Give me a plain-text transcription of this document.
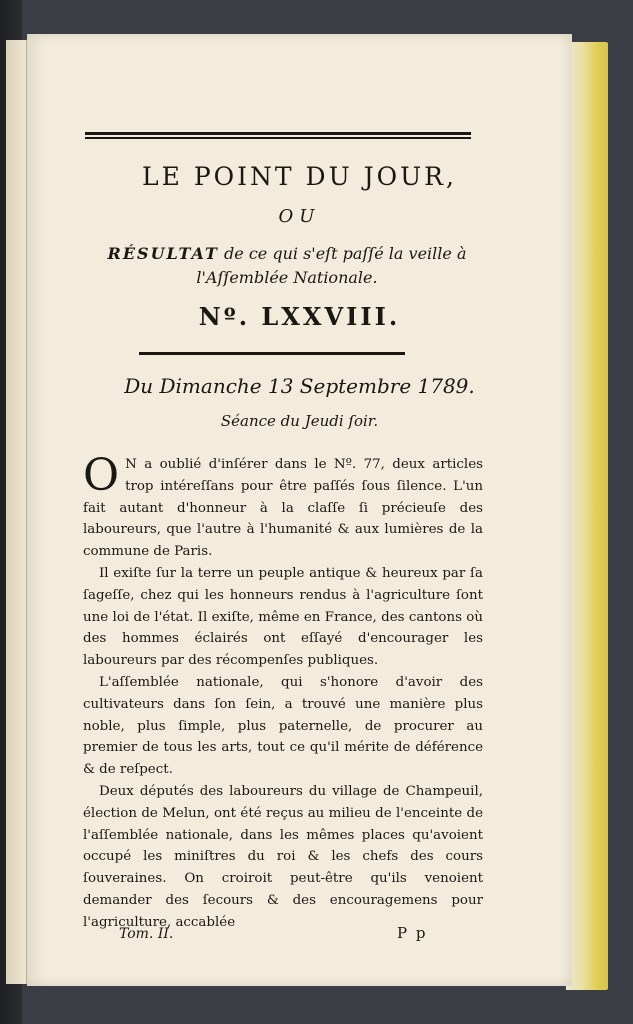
LE POINT DU JOUR,
OU
RÉSULTAT de ce qui s'eſt paſſé la veille à l'Aſſemblée Nationale.
Nº. LXXVIII.
Du Dimanche 13 Septembre 1789.
Séance du Jeudi ſoir.

O N a oublié d'inſérer dans le Nº. 77, deux articles trop intéreſſans pour être paſſés ſous ſilence. L'un fait autant d'honneur à la claſſe ſi précieuſe des laboureurs, que l'autre à l'humanité & aux lumières de la commune de Paris.

Il exiſte ſur la terre un peuple antique & heureux par ſa ſageſſe, chez qui les honneurs rendus à l'agriculture ſont une loi de l'état. Il exiſte, même en France, des cantons où des hommes éclairés ont eſſayé d'encourager les laboureurs par des récompenſes publiques.

L'aſſemblée nationale, qui s'honore d'avoir des cultivateurs dans ſon ſein, a trouvé une manière plus noble, plus ſimple, plus paternelle, de procurer au premier de tous les arts, tout ce qu'il mérite de déférence & de reſpect.

Deux députés des laboureurs du village de Champeuil, élection de Melun, ont été reçus au milieu de l'enceinte de l'aſſemblée nationale, dans les mêmes places qu'avoient occupé les miniſtres du roi & les chefs des cours ſouveraines. On croiroit peut-être qu'ils venoient demander des ſecours & des encouragemens pour l'agriculture, accablée

Tom. II.	P p
